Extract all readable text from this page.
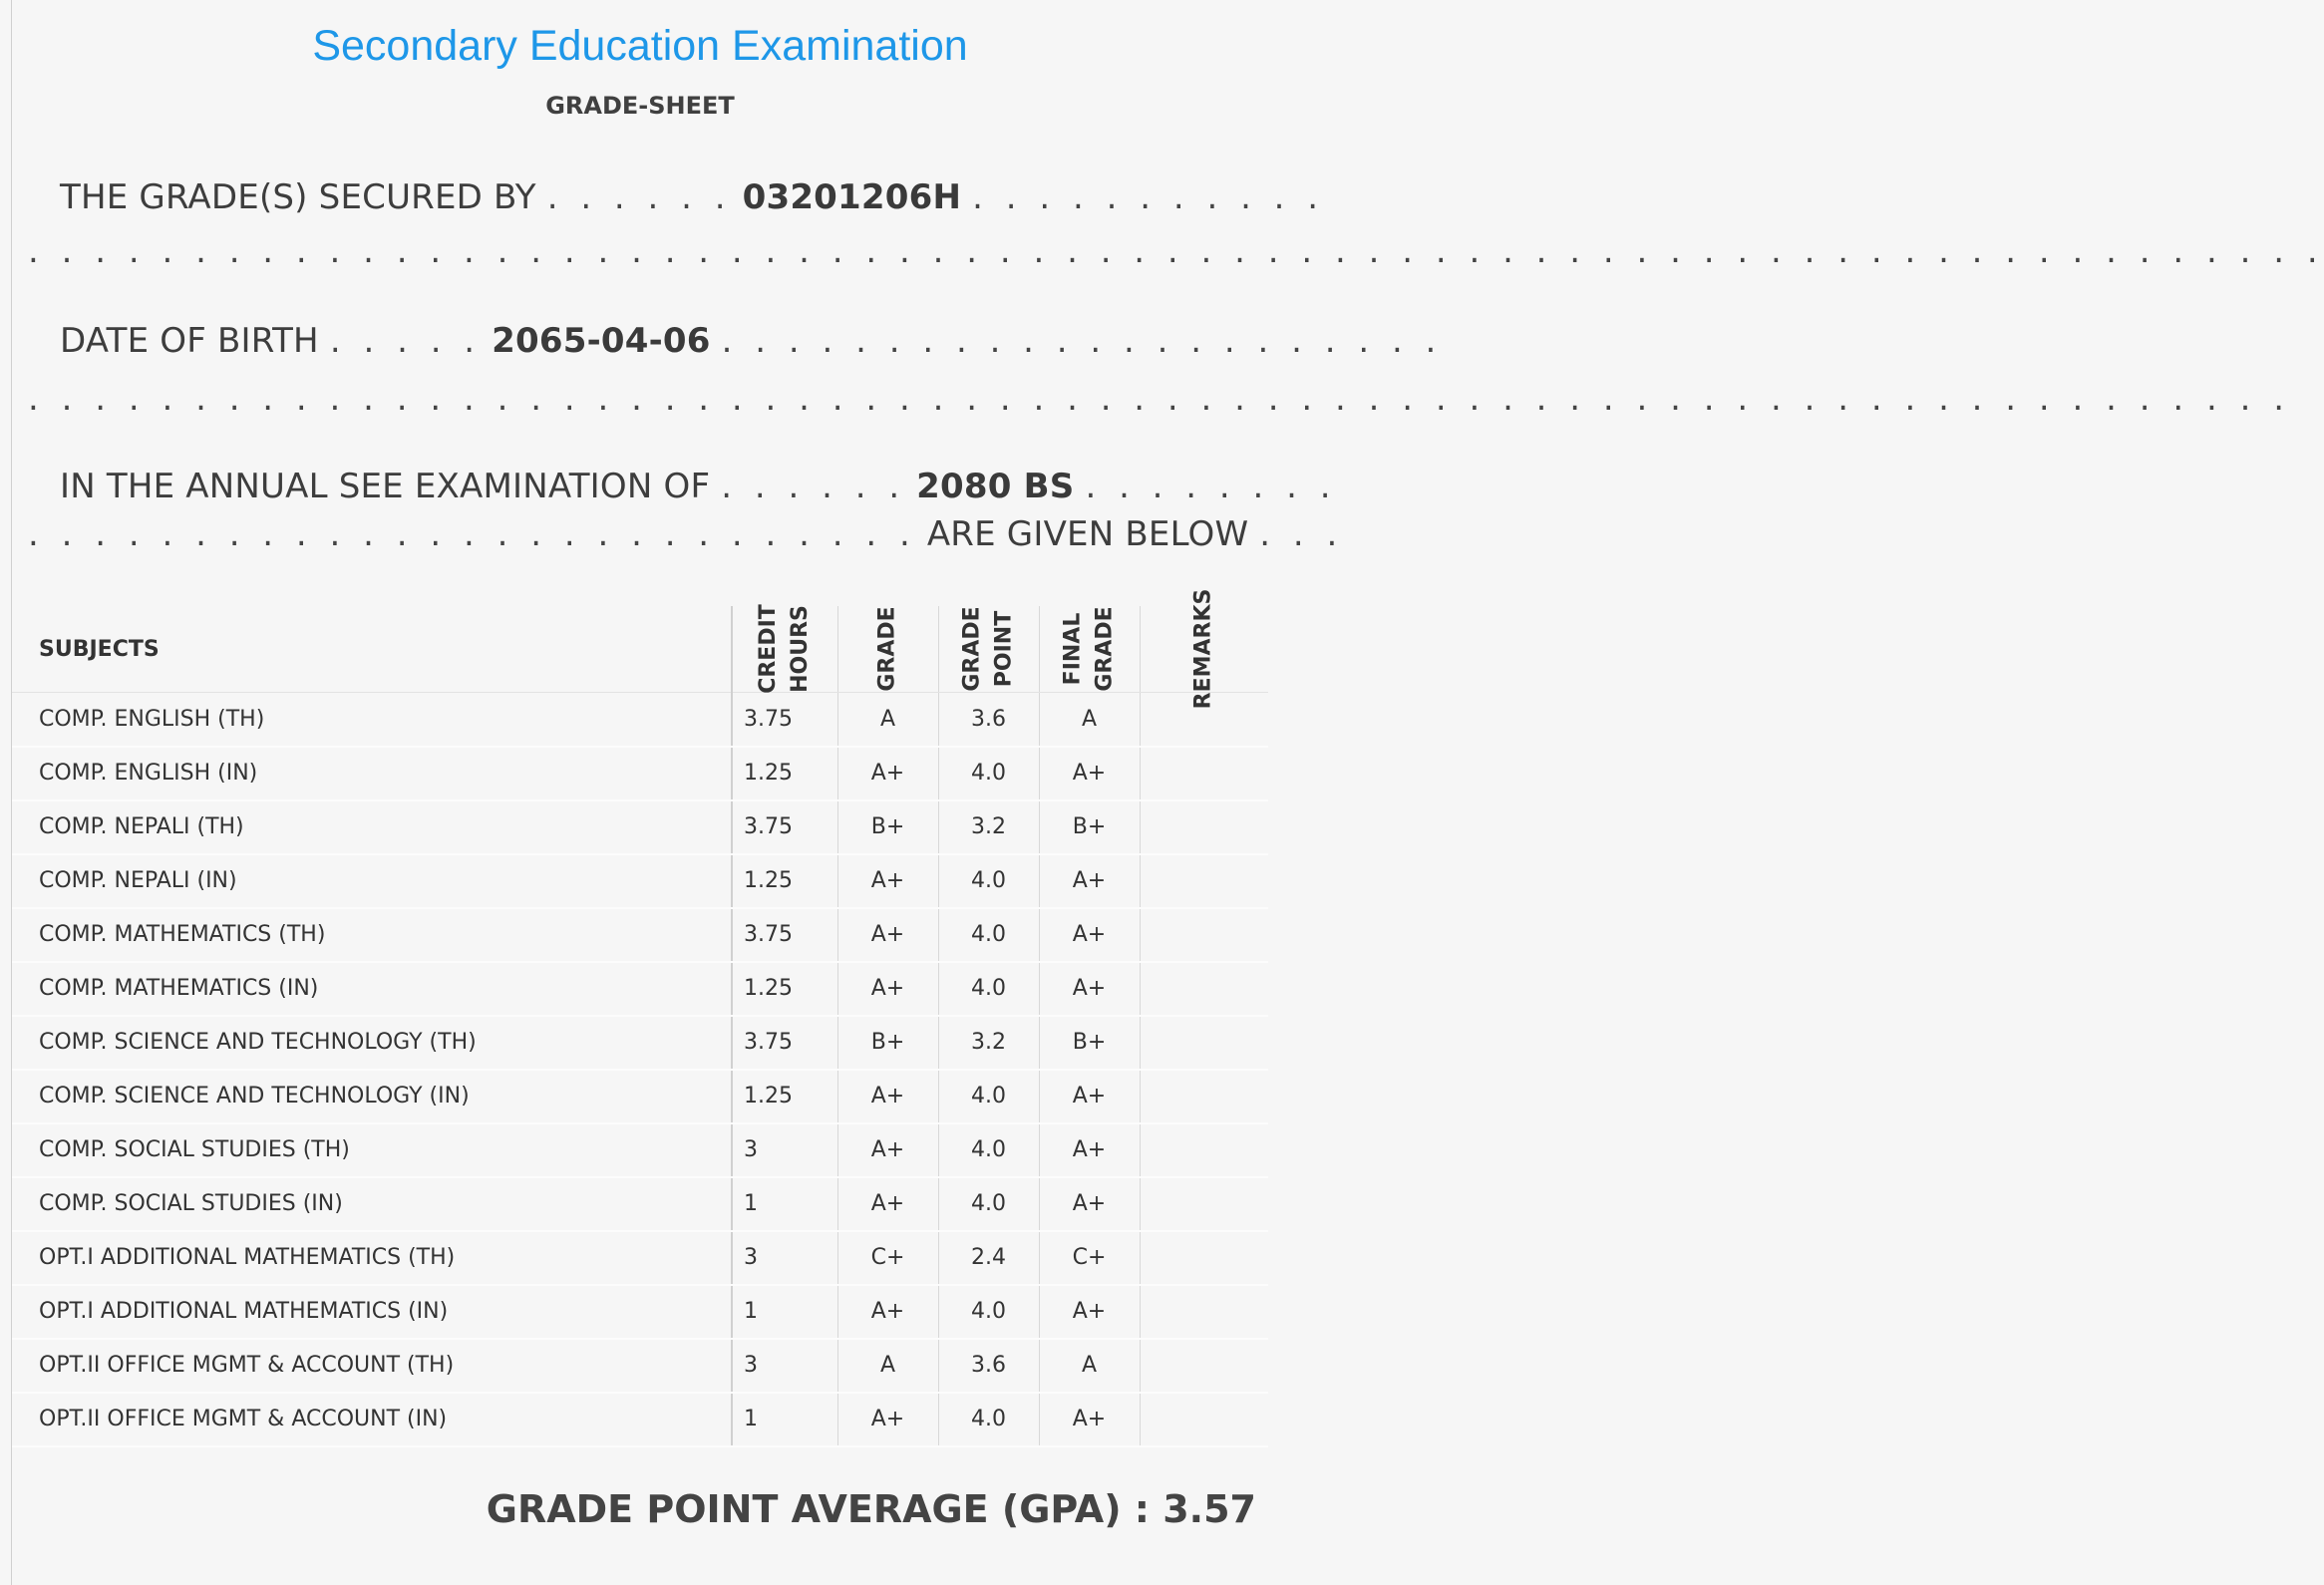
Secondary Education Examination
GRADE-SHEET
THE GRADE(S) SECURED BY . . . . . . 03201206H . . . . . . . . . . .
. . . . . . . . . . . . . . . . . . . . . . . . . . . . . . . . . . . . . . . . . . . . . . . . . . . . . . . . . . . . . . . . . . . . .
DATE OF BIRTH . . . . . 2065-04-06 . . . . . . . . . . . . . . . . . . . . . .
. . . . . . . . . . . . . . . . . . . . . . . . . . . . . . . . . . . . . . . . . . . . . . . . . . . . . . . . . . . . . . . . . . . .
IN THE ANNUAL SEE EXAMINATION OF . . . . . . 2080 BS . . . . . . . .
. . . . . . . . . . . . . . . . . . . . . . . . . . . ARE GIVEN BELOW . . .
SUBJECTS	CREDIT HOURS	GRADE	GRADE POINT	FINAL GRADE	REMARKS
COMP. ENGLISH (TH)	3.75	A	3.6	A	
COMP. ENGLISH (IN)	1.25	A+	4.0	A+	
COMP. NEPALI (TH)	3.75	B+	3.2	B+	
COMP. NEPALI (IN)	1.25	A+	4.0	A+	
COMP. MATHEMATICS (TH)	3.75	A+	4.0	A+	
COMP. MATHEMATICS (IN)	1.25	A+	4.0	A+	
COMP. SCIENCE AND TECHNOLOGY (TH)	3.75	B+	3.2	B+	
COMP. SCIENCE AND TECHNOLOGY (IN)	1.25	A+	4.0	A+	
COMP. SOCIAL STUDIES (TH)	3	A+	4.0	A+	
COMP. SOCIAL STUDIES (IN)	1	A+	4.0	A+	
OPT.I ADDITIONAL MATHEMATICS (TH)	3	C+	2.4	C+	
OPT.I ADDITIONAL MATHEMATICS (IN)	1	A+	4.0	A+	
OPT.II OFFICE MGMT & ACCOUNT (TH)	3	A	3.6	A	
OPT.II OFFICE MGMT & ACCOUNT (IN)	1	A+	4.0	A+	
GRADE POINT AVERAGE (GPA) : 3.57
